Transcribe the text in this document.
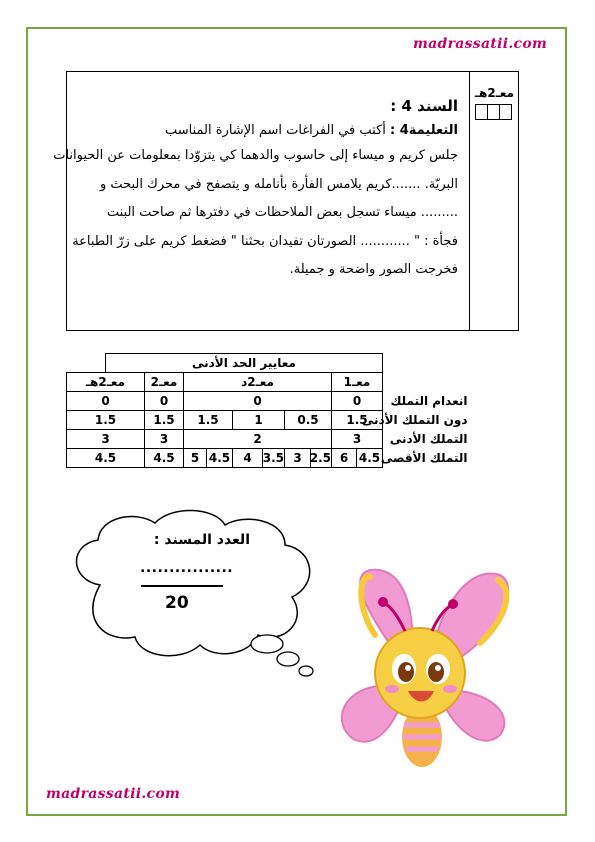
madrassatii.com
معـ2هـ
السند 4 :
التعليمة4 : أكتب في الفراغات اسم الإشارة المناسب

جلس كريم و ميساء إلى حاسوب والدهما كي يتزوّدا بمعلومات عن الحيوانات

البريّة. .......كريم يلامس الفأرة بأنامله و يتصفح في محرك البحث و

......... ميساء تسجل بعض الملاحظات في دفترها ثم صاحت البنت

فجأة : " ............ الصورتان تفيدان بحثنا " فضغط كريم على زرّ الطباعة

فخرجت الصور واضحة و جميلة.

	معايير الحد الأدنى										
	معـ1		معـ2د						معـ2	معـ2هـ	
انعدام التملك	0		0						0	0	
دون التملك الأدنى	1.5		0.5		1		1.5		1.5	1.5	
التملك الأدنى	3		2						3	3	
التملك الأقصى	4.5	6	2.5	3	3.5	4	4.5	5	4.5	4.5	
العدد المسند :
................
20
madrassatii.com
